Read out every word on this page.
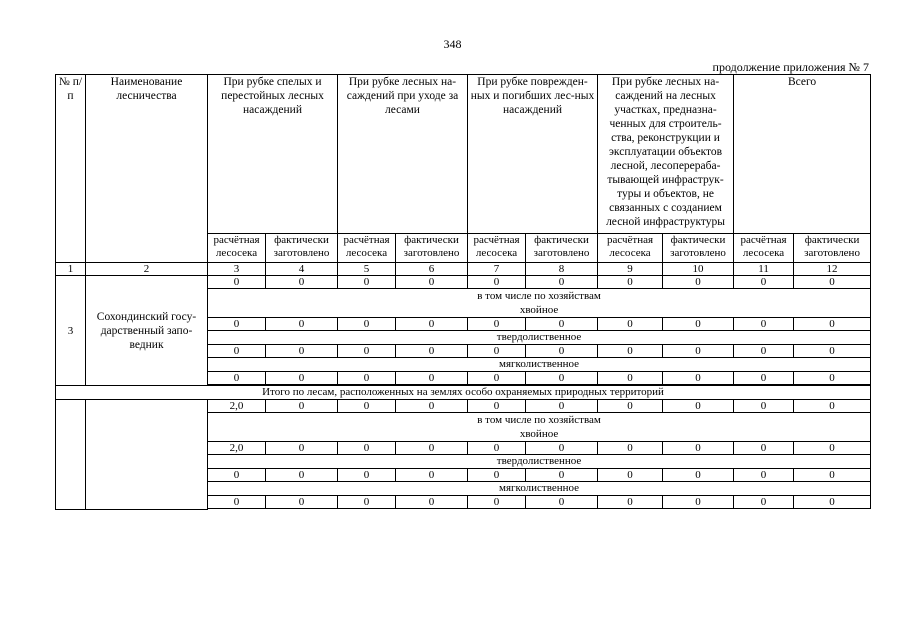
348
продолжение приложения № 7
№ п/п	Наименование лесничества	При рубке спелых и перестойных лесных насаждений		При рубке лесных на-саждений при уходе за лесами		При рубке поврежден-ных и погибших лес-ных насаждений		При рубке лесных на-саждений на лесных участках, предназна-ченных для строитель-ства, реконструкции и эксплуатации объектов лесной, лесоперераба-тывающей инфраструк-туры и объектов, не связанных с созданием лесной инфраструктуры		Всего	
		расчётная лесосека	фактически заготовлено	расчётная лесосека	фактически заготовлено	расчётная лесосека	фактически заготовлено	расчётная лесосека	фактически заготовлено	расчётная лесосека	фактически заготовлено
1	2	3	4	5	6	7	8	9	10	11	12
3	Сохондинский госу-дарственный запо-ведник	0	0	0	0	0	0	0	0	0	0

		в том числе по хозяйствам
хвойное									

		0	0	0	0	0	0	0	0	0	0
		твердолиственное									
		0	0	0	0	0	0	0	0	0	0
		мягколиственное									
		0	0	0	0	0	0	0	0	0	0

Итого по лесам, расположенных на землях особо охраняемых природных территорий											
		2,0	0	0	0	0	0	0	0	0	0

		в том числе по хозяйствам
хвойное									

		2,0	0	0	0	0	0	0	0	0	0
		твердолиственное									
		0	0	0	0	0	0	0	0	0	0
		мягколиственное									
		0	0	0	0	0	0	0	0	0	0
